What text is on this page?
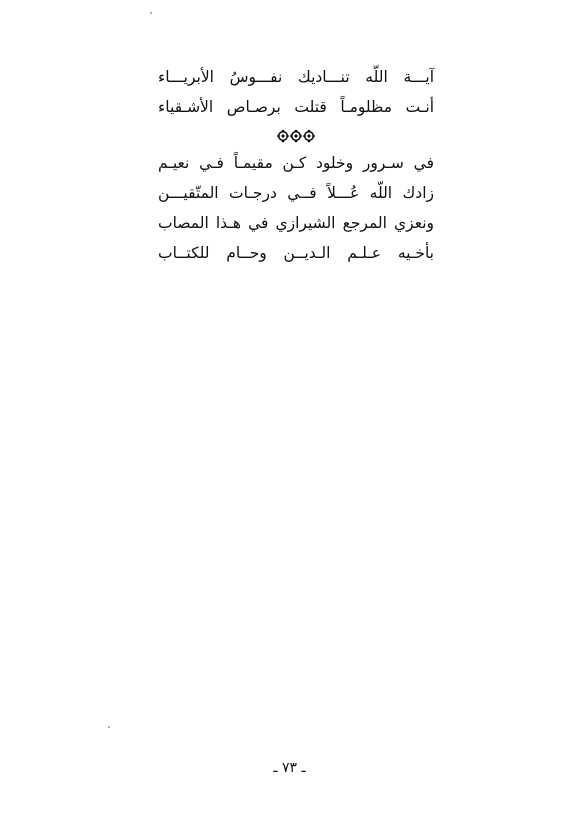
آيـــة اللّه تنـــاديك نفـــوسُ الأبريـــاء
أنـت مظلومـاً قتلت برصـاص الأشـقياء
في سـرور وخلود كـن مقيمـاً فـي نعيـم
زادك اللّه عُـــلاً فــي درجـات المتّقيـــن
ونعزي المرجع الشيرازي في هـذا المصاب
بأخـيه عـلـم الـديــن وحــام للكتــاب
ـ ٧٣ ـ
